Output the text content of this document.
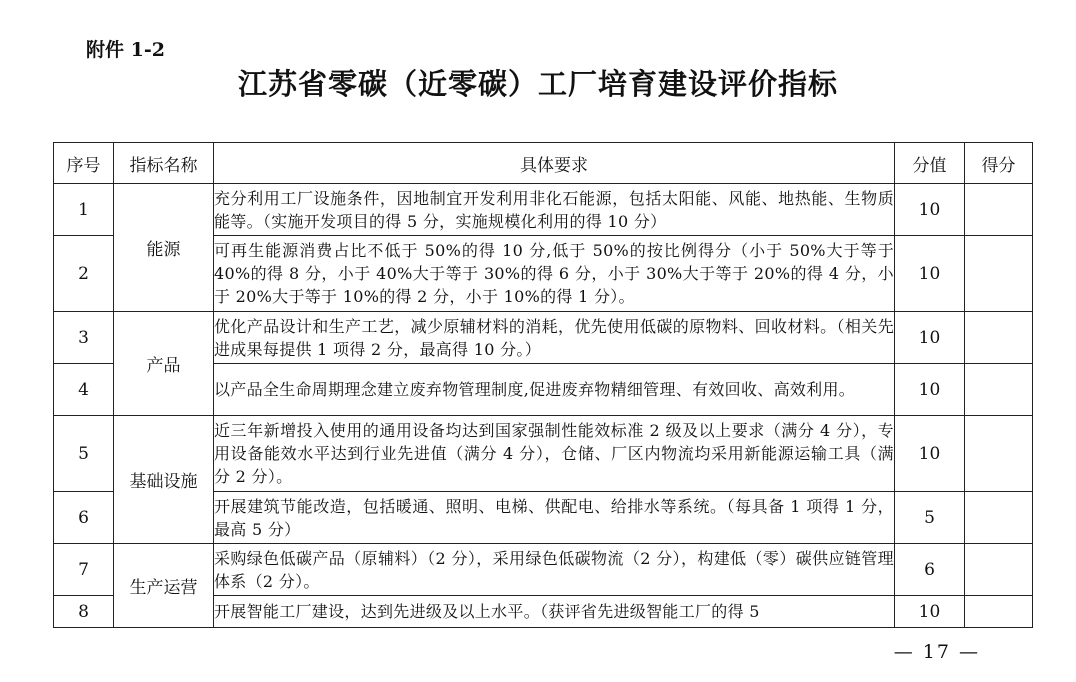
附件 1-2
江苏省零碳（近零碳）工厂培育建设评价指标
序号	指标名称	具体要求	分值	得分
1	能源	充分利用工厂设施条件，因地制宜开发利用非化石能源，包括太阳能、风能、地热能、生物质能等。（实施开发项目的得 5 分，实施规模化利用的得 10 分）	10	
2		可再生能源消费占比不低于 50%的得 10 分,低于 50%的按比例得分（小于 50%大于等于 40%的得 8 分，小于 40%大于等于 30%的得 6 分，小于 30%大于等于 20%的得 4 分，小于 20%大于等于 10%的得 2 分，小于 10%的得 1 分）。	10	
3	产品	优化产品设计和生产工艺，减少原辅材料的消耗，优先使用低碳的原物料、回收材料。（相关先进成果每提供 1 项得 2 分，最高得 10 分。）	10	
4		以产品全生命周期理念建立废弃物管理制度,促进废弃物精细管理、有效回收、高效利用。	10	
5	基础设施	近三年新增投入使用的通用设备均达到国家强制性能效标准 2 级及以上要求（满分 4 分），专用设备能效水平达到行业先进值（满分 4 分），仓储、厂区内物流均采用新能源运输工具（满分 2 分）。	10	
6		开展建筑节能改造，包括暖通、照明、电梯、供配电、给排水等系统。（每具备 1 项得 1 分，最高 5 分）	5	
7	生产运营	采购绿色低碳产品（原辅料）（2 分），采用绿色低碳物流（2 分），构建低（零）碳供应链管理体系（2 分）。	6	
8		开展智能工厂建设，达到先进级及以上水平。（获评省先进级智能工厂的得 5	10	
— 17 —
